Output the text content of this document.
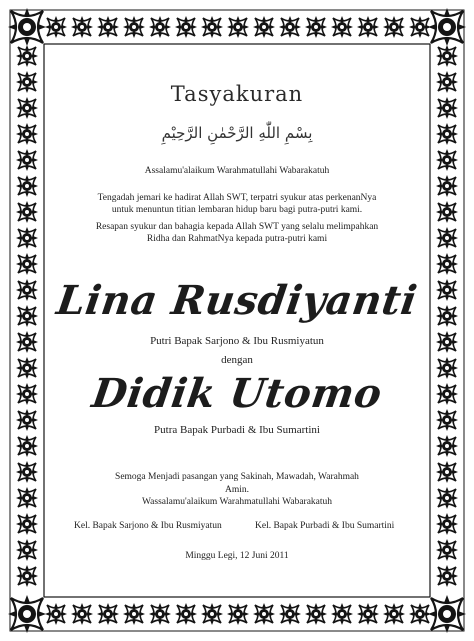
Tasyakuran
بِسْمِ اللّٰهِ الرَّحْمٰنِ الرَّحِيْمِ
Assalamu'alaikum Warahmatullahi Wabarakatuh
Tengadah jemari ke hadirat Allah SWT, terpatri syukur atas perkenanNya
untuk menuntun titian lembaran hidup baru bagi putra-putri kami.
Resapan syukur dan bahagia kepada Allah SWT yang selalu melimpahkan
Ridha dan RahmatNya kepada putra-putri kami
Lina Rusdiyanti
Putri Bapak Sarjono & Ibu Rusmiyatun
dengan
Didik Utomo
Putra Bapak Purbadi & Ibu Sumartini
Semoga Menjadi pasangan yang Sakinah, Mawadah, Warahmah
Amin.
Wassalamu'alaikum Warahmatullahi Wabarakatuh
Kel. Bapak Sarjono & Ibu Rusmiyatun	Kel. Bapak Purbadi & Ibu Sumartini
Minggu Legi, 12 Juni 2011
